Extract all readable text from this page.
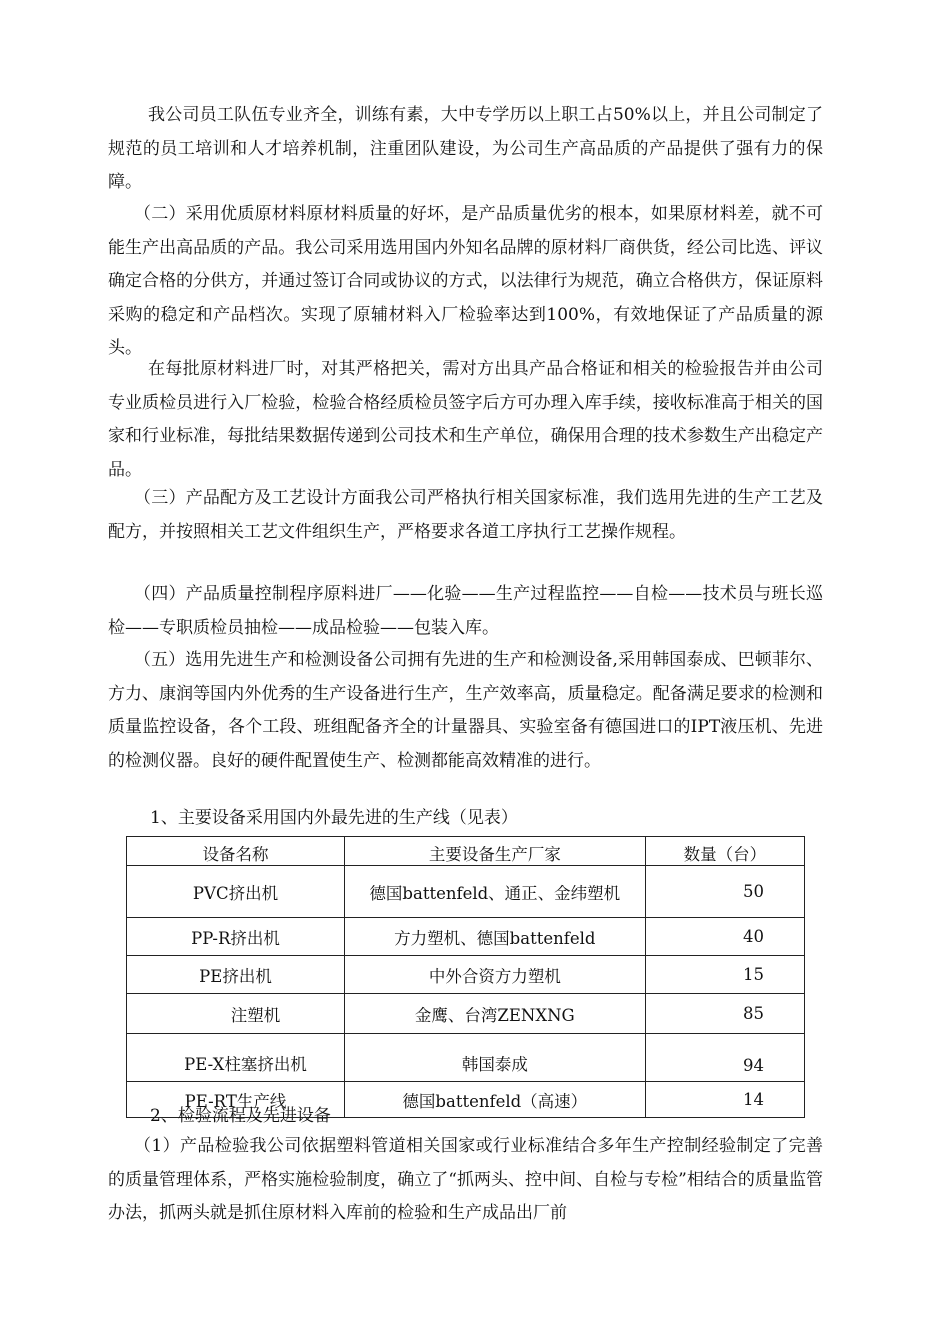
我公司员工队伍专业齐全，训练有素，大中专学历以上职工占50%以上，并且公司制定了规范的员工培训和人才培养机制，注重团队建设，为公司生产高品质的产品提供了强有力的保障。

（二）采用优质原材料原材料质量的好坏，是产品质量优劣的根本，如果原材料差，就不可能生产出高品质的产品。我公司采用选用国内外知名品牌的原材料厂商供货，经公司比选、评议确定合格的分供方，并通过签订合同或协议的方式，以法律行为规范，确立合格供方，保证原料采购的稳定和产品档次。实现了原辅材料入厂检验率达到100%，有效地保证了产品质量的源头。

在每批原材料进厂时，对其严格把关，需对方出具产品合格证和相关的检验报告并由公司专业质检员进行入厂检验，检验合格经质检员签字后方可办理入库手续，接收标准高于相关的国家和行业标准，每批结果数据传递到公司技术和生产单位，确保用合理的技术参数生产出稳定产品。

（三）产品配方及工艺设计方面我公司严格执行相关国家标准，我们选用先进的生产工艺及配方，并按照相关工艺文件组织生产，严格要求各道工序执行工艺操作规程。

（四）产品质量控制程序原料进厂——化验——生产过程监控——自检——技术员与班长巡检——专职质检员抽检——成品检验——包装入库。

（五）选用先进生产和检测设备公司拥有先进的生产和检测设备,采用韩国泰成、巴顿菲尔、方力、康润等国内外优秀的生产设备进行生产，生产效率高，质量稳定。配备满足要求的检测和质量监控设备，各个工段、班组配备齐全的计量器具、实验室备有德国进口的IPT液压机、先进的检测仪器。良好的硬件配置使生产、检测都能高效精准的进行。

1、主要设备采用国内外最先进的生产线（见表）
设备名称	主要设备生产厂家	数量（台）
PVC挤出机	德国battenfeld、通正、金纬塑机	50
PP-R挤出机	方力塑机、德国battenfeld	40
PE挤出机	中外合资方力塑机	15
注塑机	金鹰、台湾ZENXNG	85
PE-X柱塞挤出机	韩国泰成	94
PE-RT生产线	德国battenfeld（高速）	14
2、检验流程及先进设备

（1）产品检验我公司依据塑料管道相关国家或行业标准结合多年生产控制经验制定了完善的质量管理体系，严格实施检验制度，确立了“抓两头、控中间、自检与专检”相结合的质量监管办法，抓两头就是抓住原材料入库前的检验和生产成品出厂前
